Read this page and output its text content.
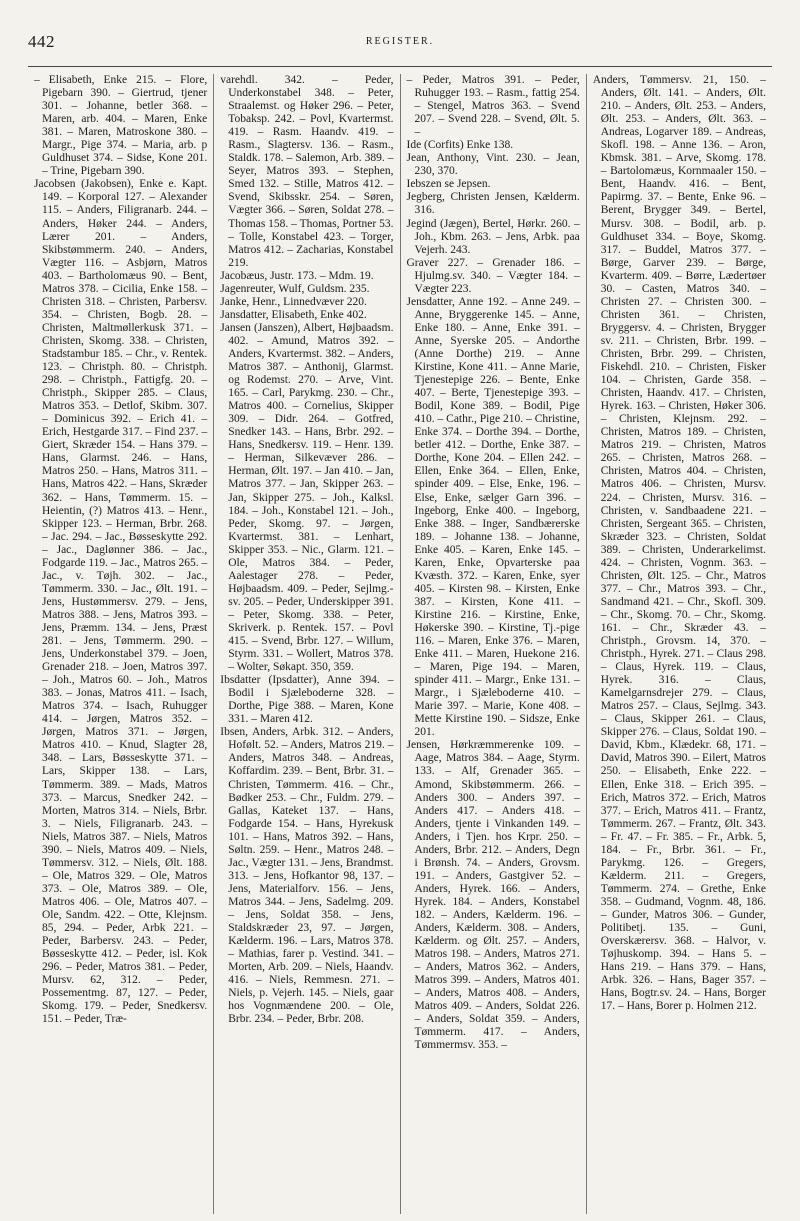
442	REGISTER.

– Elisabeth, Enke 215. – Flore, Pigebarn 390. – Giertrud, tjener 301. – Johanne, betler 368. – Maren, arb. 404. – Maren, Enke 381. – Maren, Matroskone 380. – Margr., Pige 374. – Maria, arb. p Guldhuset 374. – Sidse, Kone 201. – Trine, Pigebarn 390.

Jacobsen (Jakobsen), Enke e. Kapt. 149. – Korporal 127. – Alexander 115. – Anders, Filigranarb. 244. – Anders, Høker 244. – Anders, Lærer 201. – Anders, Skibstømmerm. 240. – Anders, Vægter 116. – Asbjørn, Matros 403. – Bartholomæus 90. – Bent, Matros 378. – Cicilia, Enke 158. – Christen 318. – Christen, Parbersv. 354. – Christen, Bogb. 28. – Christen, Maltmøllerkusk 371. – Christen, Skomg. 338. – Christen, Stadstambur 185. – Chr., v. Rentek. 123. – Christph. 80. – Christph. 298. – Christph., Fattigfg. 20. – Christph., Skipper 285. – Claus, Matros 353. – Detlof, Skibm. 307. – Dominicus 392. – Erich 41. – Erich, Hestgarde 317. – Find 237. – Giert, Skræder 154. – Hans 379. – Hans, Glarmst. 246. – Hans, Matros 250. – Hans, Matros 311. – Hans, Matros 422. – Hans, Skræder 362. – Hans, Tømmerm. 15. – Heientin, (?) Matros 413. – Henr., Skipper 123. – Herman, Brbr. 268. – Jac. 294. – Jac., Bøsseskytte 292. – Jac., Daglønner 386. – Jac., Fodgarde 119. – Jac., Matros 265. – Jac., v. Tøjh. 302. – Jac., Tømmerm. 330. – Jac., Ølt. 191. – Jens, Hustømmersv. 279. – Jens, Matros 388. – Jens, Matros 393. – Jens, Præmm. 134. – Jens, Præst 281. – Jens, Tømmerm. 290. – Jens, Underkonstabel 379. – Joen, Grenader 218. – Joen, Matros 397. – Joh., Matros 60. – Joh., Matros 383. – Jonas, Matros 411. – Isach, Matros 374. – Isach, Ruhugger 414. – Jørgen, Matros 352. – Jørgen, Matros 371. – Jørgen, Matros 410. – Knud, Slagter 28, 348. – Lars, Bøsseskytte 371. – Lars, Skipper 138. – Lars, Tømmerm. 389. – Mads, Matros 373. – Marcus, Snedker 242. – Morten, Matros 314. – Niels, Brbr. 3. – Niels, Filigranarb. 243. – Niels, Matros 387. – Niels, Matros 390. – Niels, Matros 409. – Niels, Tømmersv. 312. – Niels, Ølt. 188. – Ole, Matros 329. – Ole, Matros 373. – Ole, Matros 389. – Ole, Matros 406. – Ole, Matros 407. – Ole, Sandm. 422. – Otte, Klejnsm. 85, 294. – Peder, Arbk 221. – Peder, Barbersv. 243. – Peder, Bøsseskytte 412. – Peder, isl. Kok 296. – Peder, Matros 381. – Peder, Mursv. 62, 312. – Peder, Possementmg. 87, 127. – Peder, Skomg. 179. – Peder, Snedkersv. 151. – Peder, Træ-

varehdl. 342. – Peder, Underkonstabel 348. – Peter, Straalemst. og Høker 296. – Peter, Tobaksp. 242. – Povl, Kvartermst. 419. – Rasm. Haandv. 419. – Rasm., Slagtersv. 136. – Rasm., Staldk. 178. – Salemon, Arb. 389. – Seyer, Matros 393. – Stephen, Smed 132. – Stille, Matros 412. – Svend, Skibsskr. 254. – Søren, Vægter 366. – Søren, Soldat 278. – Thomas 158. – Thomas, Portner 53. – Tolle, Konstabel 423. – Torger, Matros 412. – Zacharias, Konstabel 219.

Jacobæus, Justr. 173. – Mdm. 19.

Jagenreuter, Wulf, Guldsm. 235.

Janke, Henr., Linnedvæver 220.

Jansdatter, Elisabeth, Enke 402.

Jansen (Janszen), Albert, Højbaadsm. 402. – Amund, Matros 392. – Anders, Kvartermst. 382. – Anders, Matros 387. – Anthonij, Glarmst. og Rodemst. 270. – Arve, Vint. 165. – Carl, Parykmg. 230. – Chr., Matros 400. – Cornelius, Skipper 309. – Didr. 264. – Gotfred, Snedker 143. – Hans, Brbr. 292. – Hans, Snedkersv. 119. – Henr. 139. – Herman, Silkevæver 286. – Herman, Ølt. 197. – Jan 410. – Jan, Matros 377. – Jan, Skipper 263. – Jan, Skipper 275. – Joh., Kalksl. 184. – Joh., Konstabel 121. – Joh., Peder, Skomg. 97. – Jørgen, Kvartermst. 381. – Lenhart, Skipper 353. – Nic., Glarm. 121. – Ole, Matros 384. – Peder, Aalestager 278. – Peder, Højbaadsm. 409. – Peder, Sejlmg.-sv. 205. – Peder, Underskipper 391. – Peter, Skomg. 338. – Peter, Skriverk. p. Rentek. 157. – Povl 415. – Svend, Brbr. 127. – Willum, Styrm. 331. – Wollert, Matros 378. – Wolter, Søkapt. 350, 359.

Ibsdatter (Ipsdatter), Anne 394. – Bodil i Sjæleboderne 328. – Dorthe, Pige 388. – Maren, Kone 331. – Maren 412.

Ibsen, Anders, Arbk. 312. – Anders, Hofølt. 52. – Anders, Matros 219. – Anders, Matros 348. – Andreas, Koffardim. 239. – Bent, Brbr. 31. – Christen, Tømmerm. 416. – Chr., Bødker 253. – Chr., Fuldm. 279. – Gallas, Kateket 137. – Hans, Fodgarde 154. – Hans, Hyrekusk 101. – Hans, Matros 392. – Hans, Søltn. 259. – Henr., Matros 248. – Jac., Vægter 131. – Jens, Brandmst. 313. – Jens, Hofkantor 98, 137. – Jens, Materialforv. 156. – Jens, Matros 344. – Jens, Sadelmg. 209. – Jens, Soldat 358. – Jens, Staldskræder 23, 97. – Jørgen, Kælderm. 196. – Lars, Matros 378. – Mathias, farer p. Vestind. 341. – Morten, Arb. 209. – Niels, Haandv. 416. – Niels, Remmesn. 271. – Niels, p. Vejerh. 145. – Niels, gaar hos Vognmændene 200. – Ole, Brbr. 234. – Peder, Brbr. 208.

– Peder, Matros 391. – Peder, Ruhugger 193. – Rasm., fattig 254. – Stengel, Matros 363. – Svend 207. – Svend 228. – Svend, Ølt. 5. –

Ide (Corfits) Enke 138.

Jean, Anthony, Vint. 230. – Jean, 230, 370.

Iebszen se Jepsen.

Jegberg, Christen Jensen, Kælderm. 316.

Jegind (Jægen), Bertel, Hørkr. 260. – Joh., Kbm. 263. – Jens, Arbk. paa Vejerh. 243.

Graver 227. – Grenader 186. – Hjulmg.sv. 340. – Vægter 184. – Vægter 223.

Jensdatter, Anne 192. – Anne 249. – Anne, Bryggerenke 145. – Anne, Enke 180. – Anne, Enke 391. – Anne, Syerske 205. – Andorthe (Anne Dorthe) 219. – Anne Kirstine, Kone 411. – Anne Marie, Tjenestepige 226. – Bente, Enke 407. – Berte, Tjenestepige 393. – Bodil, Kone 389. – Bodil, Pige 410. – Cathr., Pige 210. – Christine, Enke 374. – Dorthe 394. – Dorthe, betler 412. – Dorthe, Enke 387. – Dorthe, Kone 204. – Ellen 242. – Ellen, Enke 364. – Ellen, Enke, spinder 409. – Else, Enke, 196. – Else, Enke, sælger Garn 396. – Ingeborg, Enke 400. – Ingeborg, Enke 388. – Inger, Sandbærerske 189. – Johanne 138. – Johanne, Enke 405. – Karen, Enke 145. – Karen, Enke, Opvarterske paa Kvæsth. 372. – Karen, Enke, syer 405. – Kirsten 98. – Kirsten, Enke 387. – Kirsten, Kone 411. – Kirstine 216. – Kirstine, Enke, Høkerske 390. – Kirstine, Tj.-pige 116. – Maren, Enke 376. – Maren, Enke 411. – Maren, Huekone 216. – Maren, Pige 194. – Maren, spinder 411. – Margr., Enke 131. – Margr., i Sjæleboderne 410. – Marie 397. – Marie, Kone 408. – Mette Kirstine 190. – Sidsze, Enke 201.

Jensen, Hørkræmmerenke 109. – Aage, Matros 384. – Aage, Styrm. 133. – Alf, Grenader 365. – Amond, Skibstømmerm. 266. – Anders 300. – Anders 397. – Anders 417. – Anders 418. – Anders, tjente i Vinkanden 149. – Anders, i Tjen. hos Krpr. 250. – Anders, Brbr. 212. – Anders, Degn i Brønsh. 74. – Anders, Grovsm. 191. – Anders, Gastgiver 52. – Anders, Hyrek. 166. – Anders, Hyrek. 184. – Anders, Konstabel 182. – Anders, Kælderm. 196. – Anders, Kælderm. 308. – Anders, Kælderm. og Ølt. 257. – Anders, Matros 198. – Anders, Matros 271. – Anders, Matros 362. – Anders, Matros 399. – Anders, Matros 401. – Anders, Matros 408. – Anders, Matros 409. – Anders, Soldat 226. – Anders, Soldat 359. – Anders, Tømmerm. 417. – Anders, Tømmermsv. 353. –

Anders, Tømmersv. 21, 150. – Anders, Ølt. 141. – Anders, Ølt. 210. – Anders, Ølt. 253. – Anders, Ølt. 253. – Anders, Ølt. 363. – Andreas, Logarver 189. – Andreas, Skofl. 198. – Anne 136. – Aron, Kbmsk. 381. – Arve, Skomg. 178. – Bartolomæus, Kornmaaler 150. – Bent, Haandv. 416. – Bent, Papirmg. 37. – Bente, Enke 96. – Berent, Brygger 349. – Bertel, Mursv. 308. – Bodil, arb. p. Guldhuset 334. – Boye, Skomg. 317. – Buddel, Matros 377. – Børge, Garver 239. – Børge, Kvarterm. 409. – Børre, Lædertøer 30. – Casten, Matros 340. – Christen 27. – Christen 300. – Christen 361. – Christen, Bryggersv. 4. – Christen, Brygger sv. 211. – Christen, Brbr. 199. – Christen, Brbr. 299. – Christen, Fiskehdl. 210. – Christen, Fisker 104. – Christen, Garde 358. – Christen, Haandv. 417. – Christen, Hyrek. 163. – Christen, Høker 306. – Christen, Klejnsm. 292. – Christen, Matros 189. – Christen, Matros 219. – Christen, Matros 265. – Christen, Matros 268. – Christen, Matros 404. – Christen, Matros 406. – Christen, Mursv. 224. – Christen, Mursv. 316. – Christen, v. Sandbaadene 221. – Christen, Sergeant 365. – Christen, Skræder 323. – Christen, Soldat 389. – Christen, Underarkelimst. 424. – Christen, Vognm. 363. – Christen, Ølt. 125. – Chr., Matros 377. – Chr., Matros 393. – Chr., Sandmand 421. – Chr., Skofl. 309. – Chr., Skomg. 70. – Chr., Skomg. 161. – Chr., Skræder 43. – Christph., Grovsm. 14, 370. – Christph., Hyrek. 271. – Claus 298. – Claus, Hyrek. 119. – Claus, Hyrek. 316. – Claus, Kamelgarnsdrejer 279. – Claus, Matros 257. – Claus, Sejlmg. 343. – Claus, Skipper 261. – Claus, Skipper 276. – Claus, Soldat 190. – David, Kbm., Klædekr. 68, 171. – David, Matros 390. – Eilert, Matros 250. – Elisabeth, Enke 222. – Ellen, Enke 318. – Erich 395. – Erich, Matros 372. – Erich, Matros 377. – Erich, Matros 411. – Frantz, Tømmerm. 267. – Frantz, Ølt. 343. – Fr. 47. – Fr. 385. – Fr., Arbk. 5, 184. – Fr., Brbr. 361. – Fr., Parykmg. 126. – Gregers, Kælderm. 211. – Gregers, Tømmerm. 274. – Grethe, Enke 358. – Gudmand, Vognm. 48, 186. – Gunder, Matros 306. – Gunder, Politibetj. 135. – Guni, Overskærersv. 368. – Halvor, v. Tøjhuskomp. 394. – Hans 5. – Hans 219. – Hans 379. – Hans, Arbk. 326. – Hans, Bager 357. – Hans, Bogtr.sv. 24. – Hans, Borger 17. – Hans, Borer p. Holmen 212.
